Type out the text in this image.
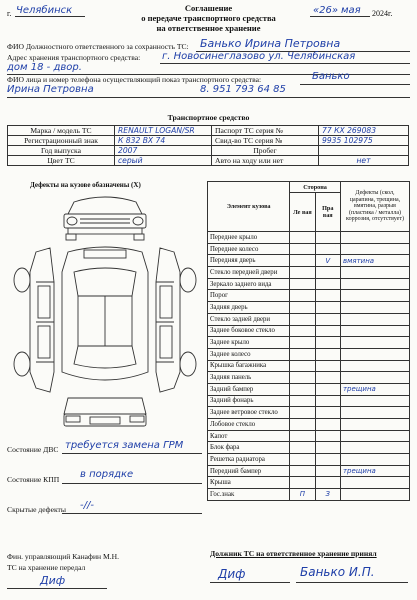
г. Челябинск	Соглашение
о передаче транспортного средства
на ответственное хранение
«26» мая 2024г.
ФИО Должностного ответственного за сохранность ТС: Банько Ирина Петровна
Адрес хранения транспортного средства: г. Новосинеглазово ул. Челябинская
дом 18 - двор.
ФИО лица и номер телефона осуществляющий показ транспортного средства:	Банько
Ирина Петровна	8. 951 793 64 85
Транспортное средство
Марка / модель ТС	RENAULT LOGAN/SR	Паспорт ТС серия №	77 КХ 269083
Регистрационный знак	К 832 ВХ 74	Свид-во ТС серия №	9935 102975
Год выпуска	2007	Пробег	
Цвет ТС	серый	Авто на ходу или нет	нет
Дефекты на кузове обазначены (X)
Элемент кузова	Сторона		Дефекты (скол, царапина, трещина, вмятина, разрыв (пластика / металла) коррозия, отсутствует)
	Ле вая	Пра вая	
Переднее крыло			
Переднее колесо			
Передняя дверь		V	вмятина
Стекло передней двери			
Зеркало заднего вида			
Порог			
Задняя дверь			
Стекло задней двери			
Заднее боковое стекло			
Заднее крыло			
Заднее колесо			
Крышка багажника			
Задняя панель			
Задний бампер			трещина
Задний фонарь			
Заднее ветровое стекло			
Лобовое стекло			
Капот			
Блок фара			
Решетка радиатора			
Передний бампер			трещина
Крыша			
Гос.знак	П	З	
Состояние ДВС требуется замена ГРМ
Состояние КПП в порядке
Скрытые дефекты -//-
Фин. управляющий Канафин М.Н.
ТС на хранение передал
Диф
Должник ТС на ответственное хранение принял
Диф	Банько И.П.
